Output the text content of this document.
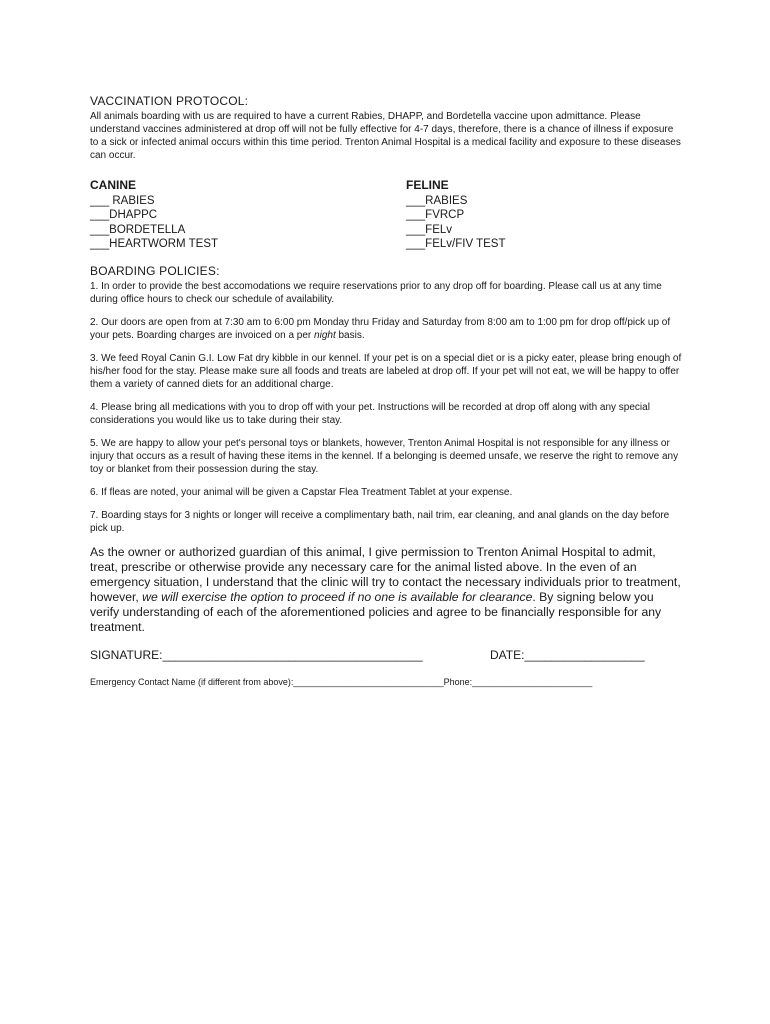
VACCINATION PROTOCOL:

All animals boarding with us are required to have a current Rabies, DHAPP, and Bordetella vaccine upon admittance. Please understand vaccines administered at drop off will not be fully effective for 4-7 days, therefore, there is a chance of illness if exposure to a sick or infected animal occurs within this time period. Trenton Animal Hospital is a medical facility and exposure to these diseases can occur.

CANINE
___ RABIES
___DHAPPC
___BORDETELLA
___HEARTWORM TEST
FELINE
___RABIES
___FVRCP
___FELv
___FELv/FIV TEST
BOARDING POLICIES:

1. In order to provide the best accomodations we require reservations prior to any drop off for boarding. Please call us at any time during office hours to check our schedule of availability.

2. Our doors are open from at 7:30 am to 6:00 pm Monday thru Friday and Saturday from 8:00 am to 1:00 pm for drop off/pick up of your pets. Boarding charges are invoiced on a per night basis.

3. We feed Royal Canin G.I. Low Fat dry kibble in our kennel. If your pet is on a special diet or is a picky eater, please bring enough of his/her food for the stay. Please make sure all foods and treats are labeled at drop off. If your pet will not eat, we will be happy to offer them a variety of canned diets for an additional charge.

4. Please bring all medications with you to drop off with your pet. Instructions will be recorded at drop off along with any special considerations you would like us to take during their stay.

5. We are happy to allow your pet's personal toys or blankets, however, Trenton Animal Hospital is not responsible for any illness or injury that occurs as a result of having these items in the kennel. If a belonging is deemed unsafe, we reserve the right to remove any toy or blanket from their possession during the stay.

6. If fleas are noted, your animal will be given a Capstar Flea Treatment Tablet at your expense.

7. Boarding stays for 3 nights or longer will receive a complimentary bath, nail trim, ear cleaning, and anal glands on the day before pick up.

As the owner or authorized guardian of this animal, I give permission to Trenton Animal Hospital to admit, treat, prescribe or otherwise provide any necessary care for the animal listed above. In the even of an emergency situation, I understand that the clinic will try to contact the necessary individuals prior to treatment, however, we will exercise the option to proceed if no one is available for clearance. By signing below you verify understanding of each of the aforementioned policies and agree to be financially responsible for any treatment.

SIGNATURE:_______________________________________	DATE:__________________
Emergency Contact Name (if different from above):______________________________Phone:________________________
